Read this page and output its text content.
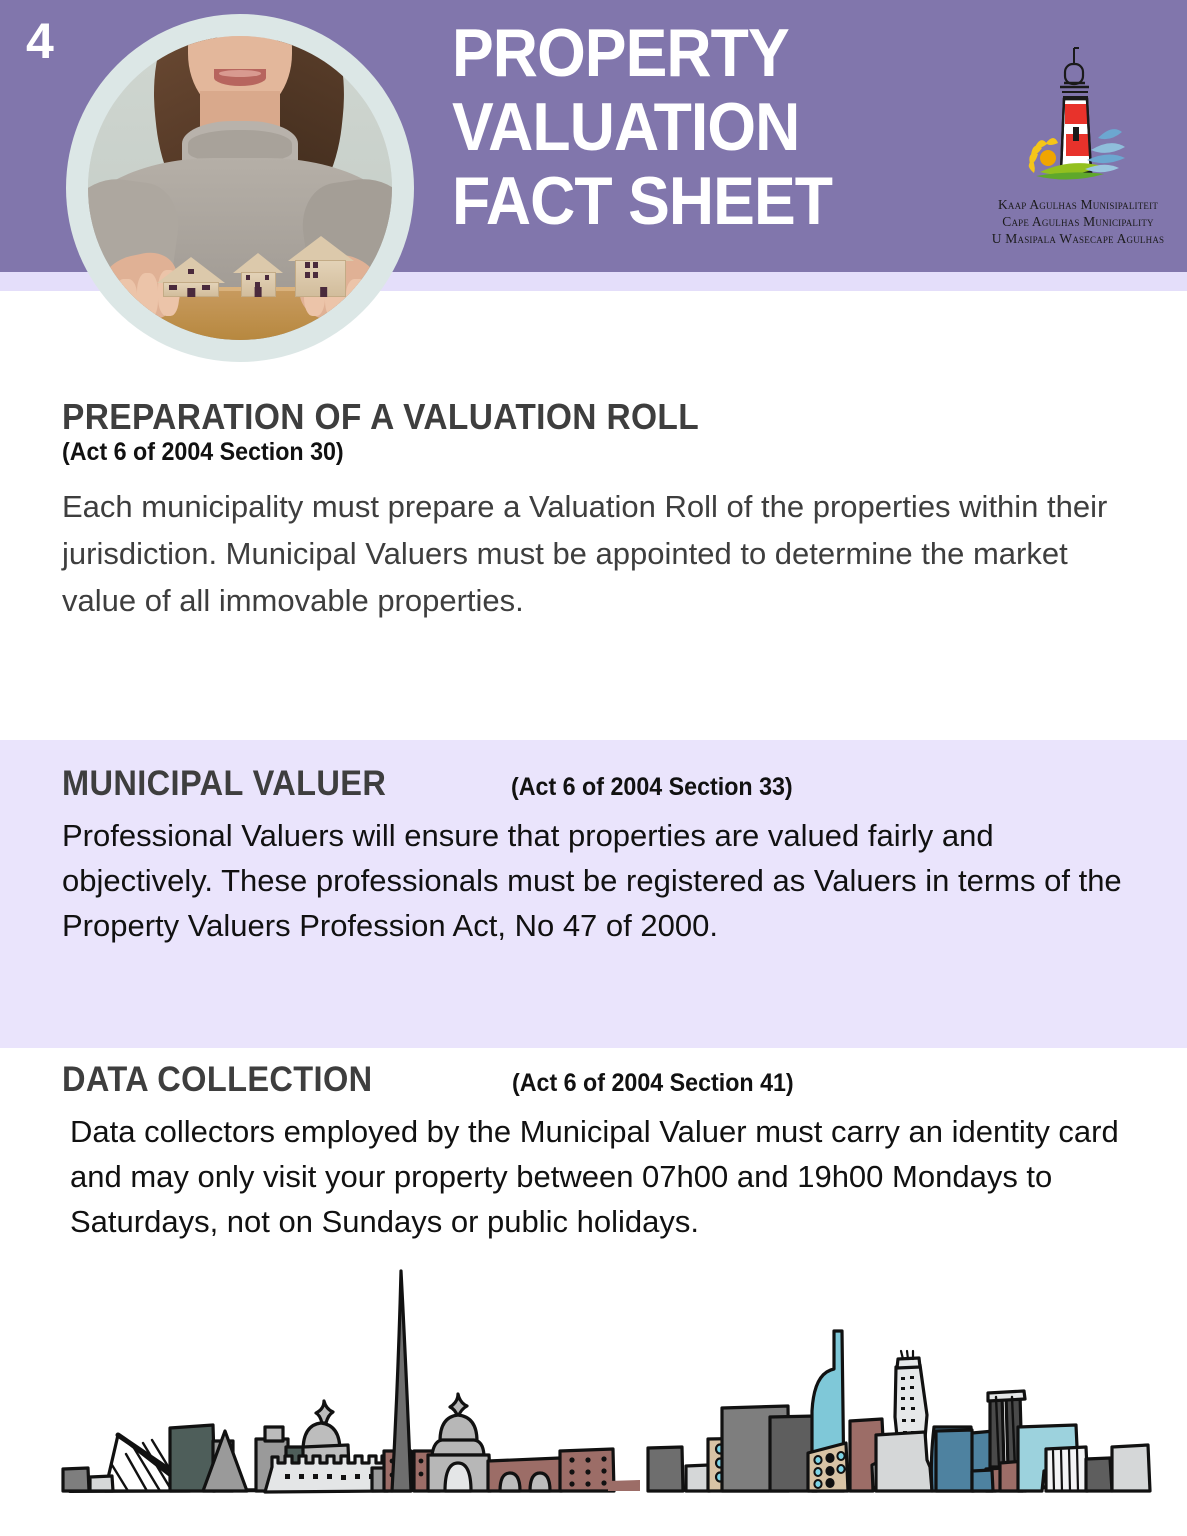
4	PROPERTY
VALUATION
FACT SHEET	Kaap Agulhas Munisipaliteit
Cape Agulhas Municipality
U Masipala Wasecape Agulhas
PREPARATION OF A VALUATION ROLL
(Act 6 of 2004 Section 30)
Each municipality must prepare a Valuation Roll of the properties within their jurisdiction. Municipal Valuers must be appointed to determine the market value of all immovable properties.
MUNICIPAL VALUER	(Act 6 of 2004 Section 33)
Professional Valuers will ensure that properties are valued fairly and objectively. These professionals must be registered as Valuers in terms of the Property Valuers Profession Act, No 47 of 2000.
DATA COLLECTION	(Act 6 of 2004 Section 41)
Data collectors employed by the Municipal Valuer must carry an identity card and may only visit your property between 07h00 and 19h00 Mondays to Saturdays, not on Sundays or public holidays.
